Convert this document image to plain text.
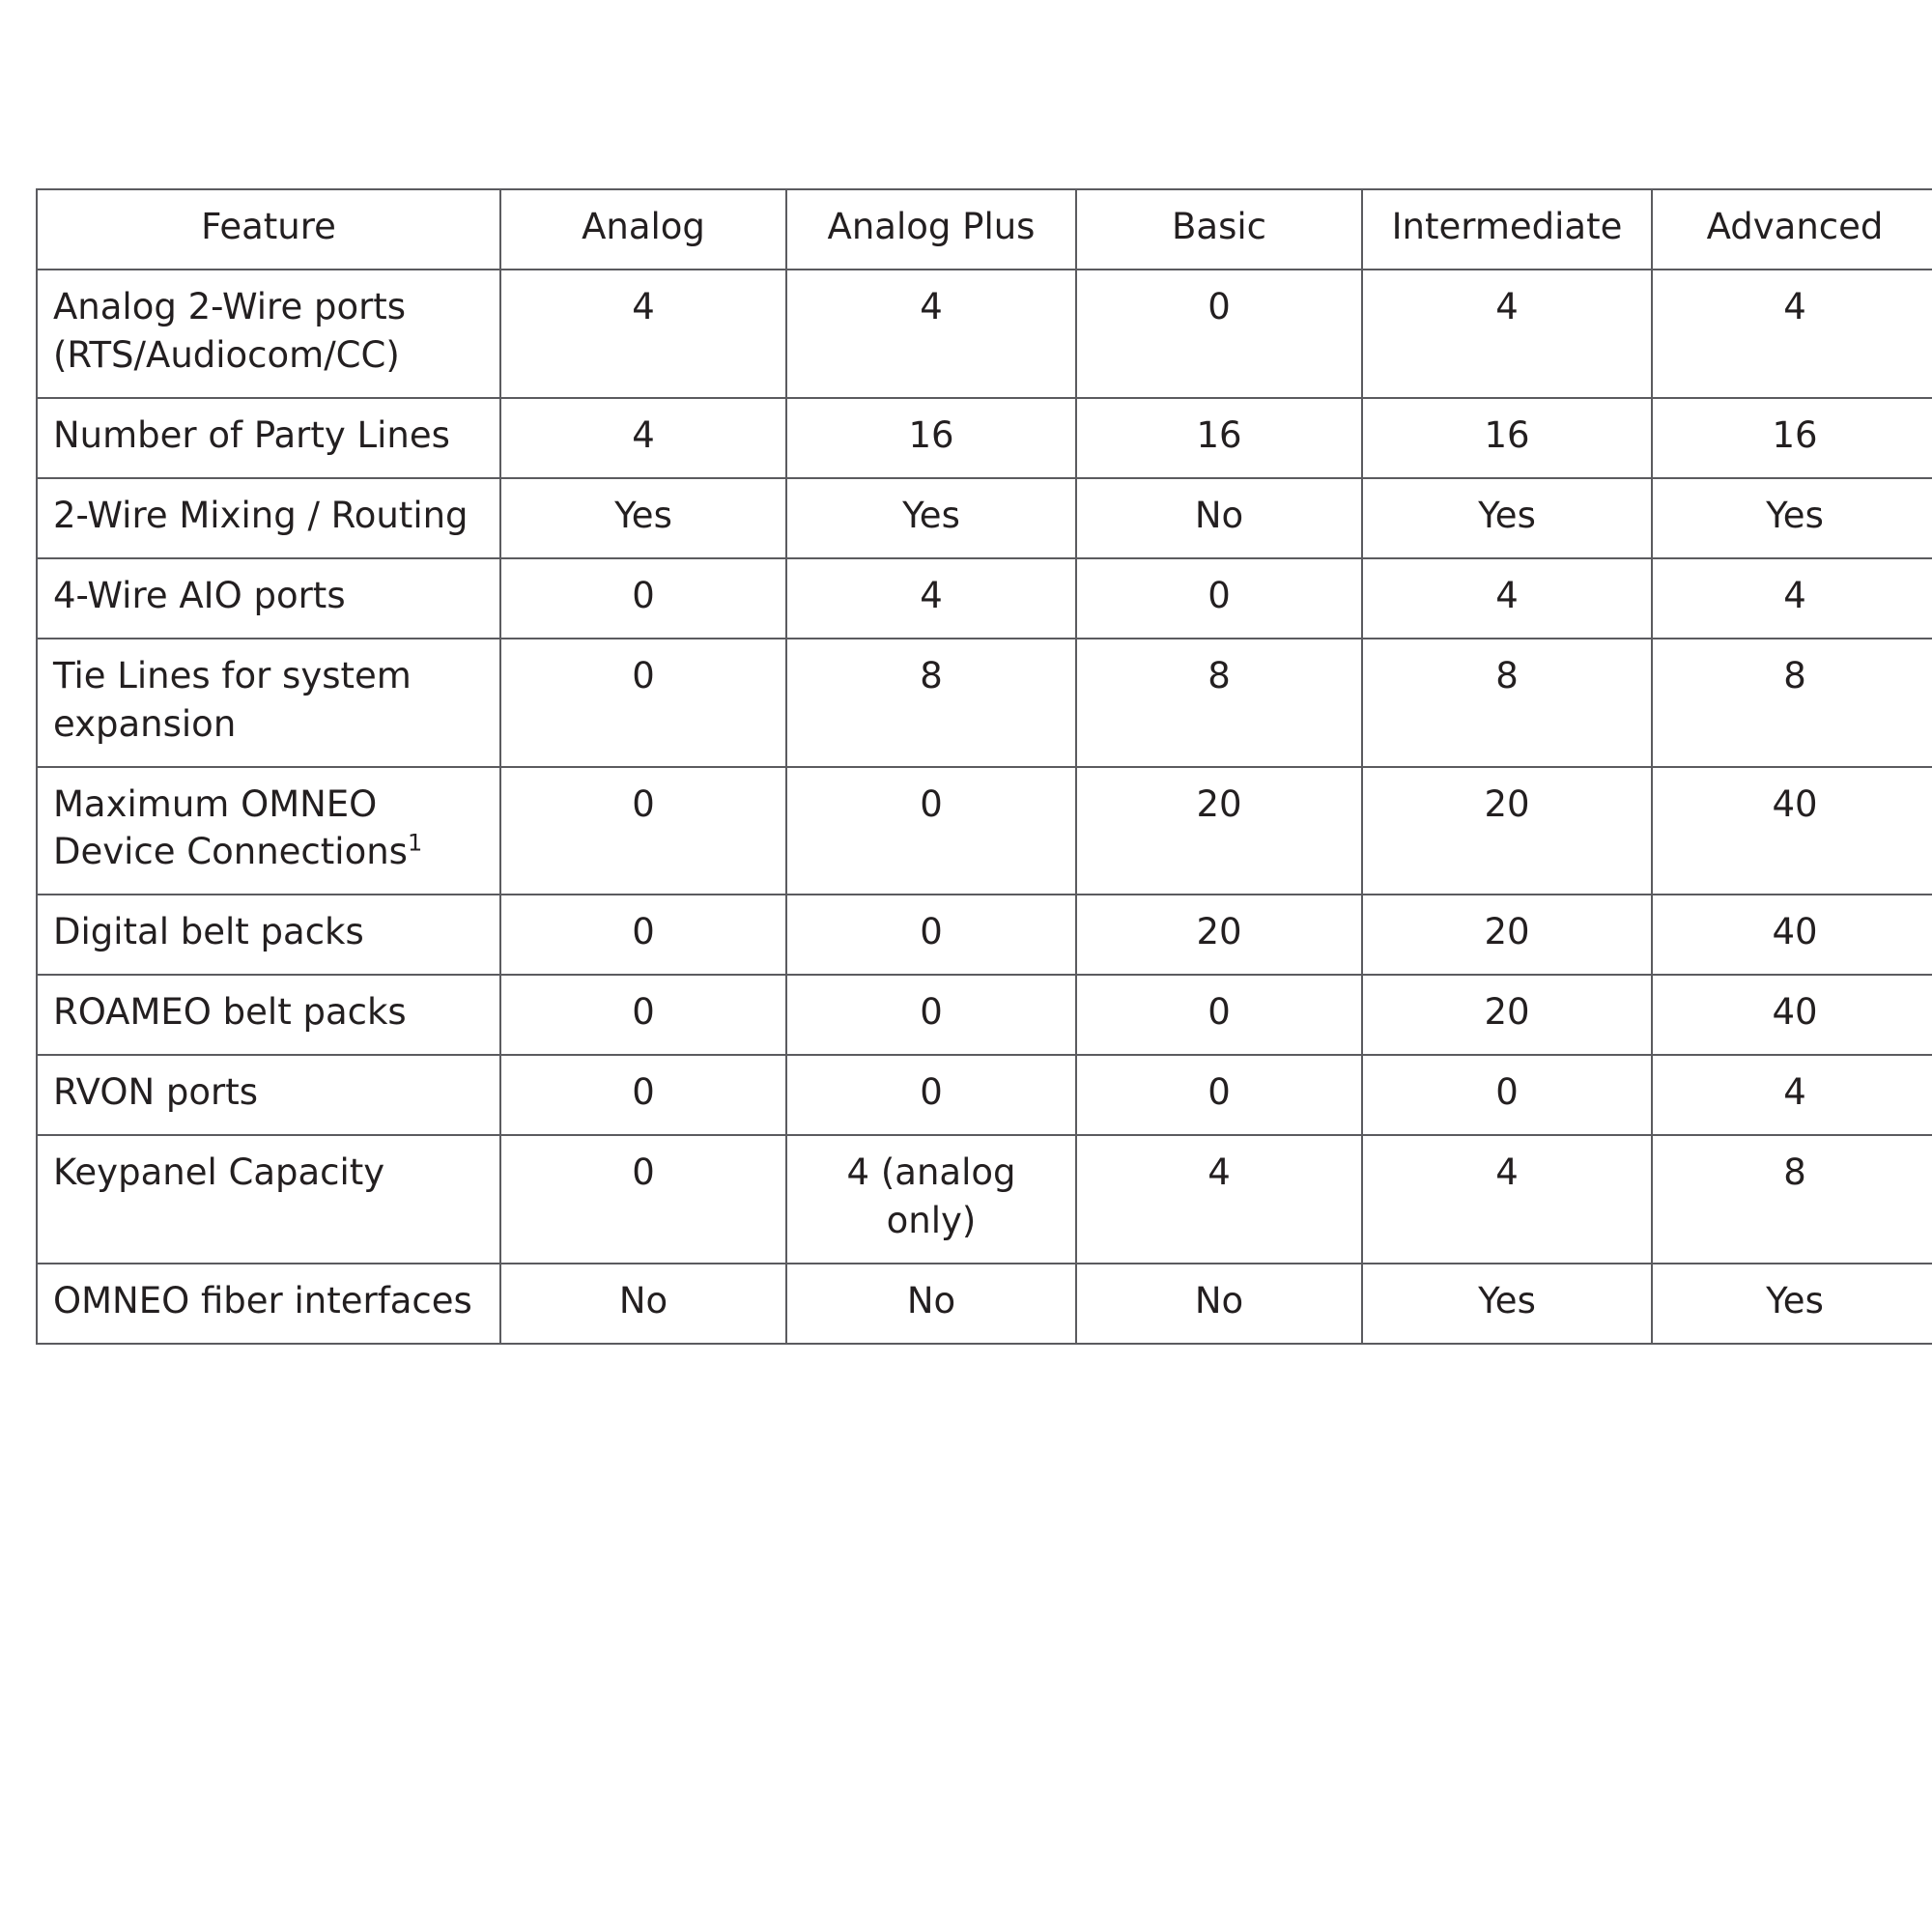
Feature	Analog	Analog Plus	Basic	Intermediate	Advanced
Analog 2-Wire ports (RTS/Audiocom/CC)	4	4	0	4	4
Number of Party Lines	4	16	16	16	16
2-Wire Mixing / Routing	Yes	Yes	No	Yes	Yes
4-Wire AIO ports	0	4	0	4	4
Tie Lines for system expansion	0	8	8	8	8
Maximum OMNEO Device Connections$^1$	0	0	20	20	40
Digital belt packs	0	0	20	20	40
ROAMEO belt packs	0	0	0	20	40
RVON ports	0	0	0	0	4
Keypanel Capacity	0	4 (analog only)	4	4	8
OMNEO fiber interfaces	No	No	No	Yes	Yes
